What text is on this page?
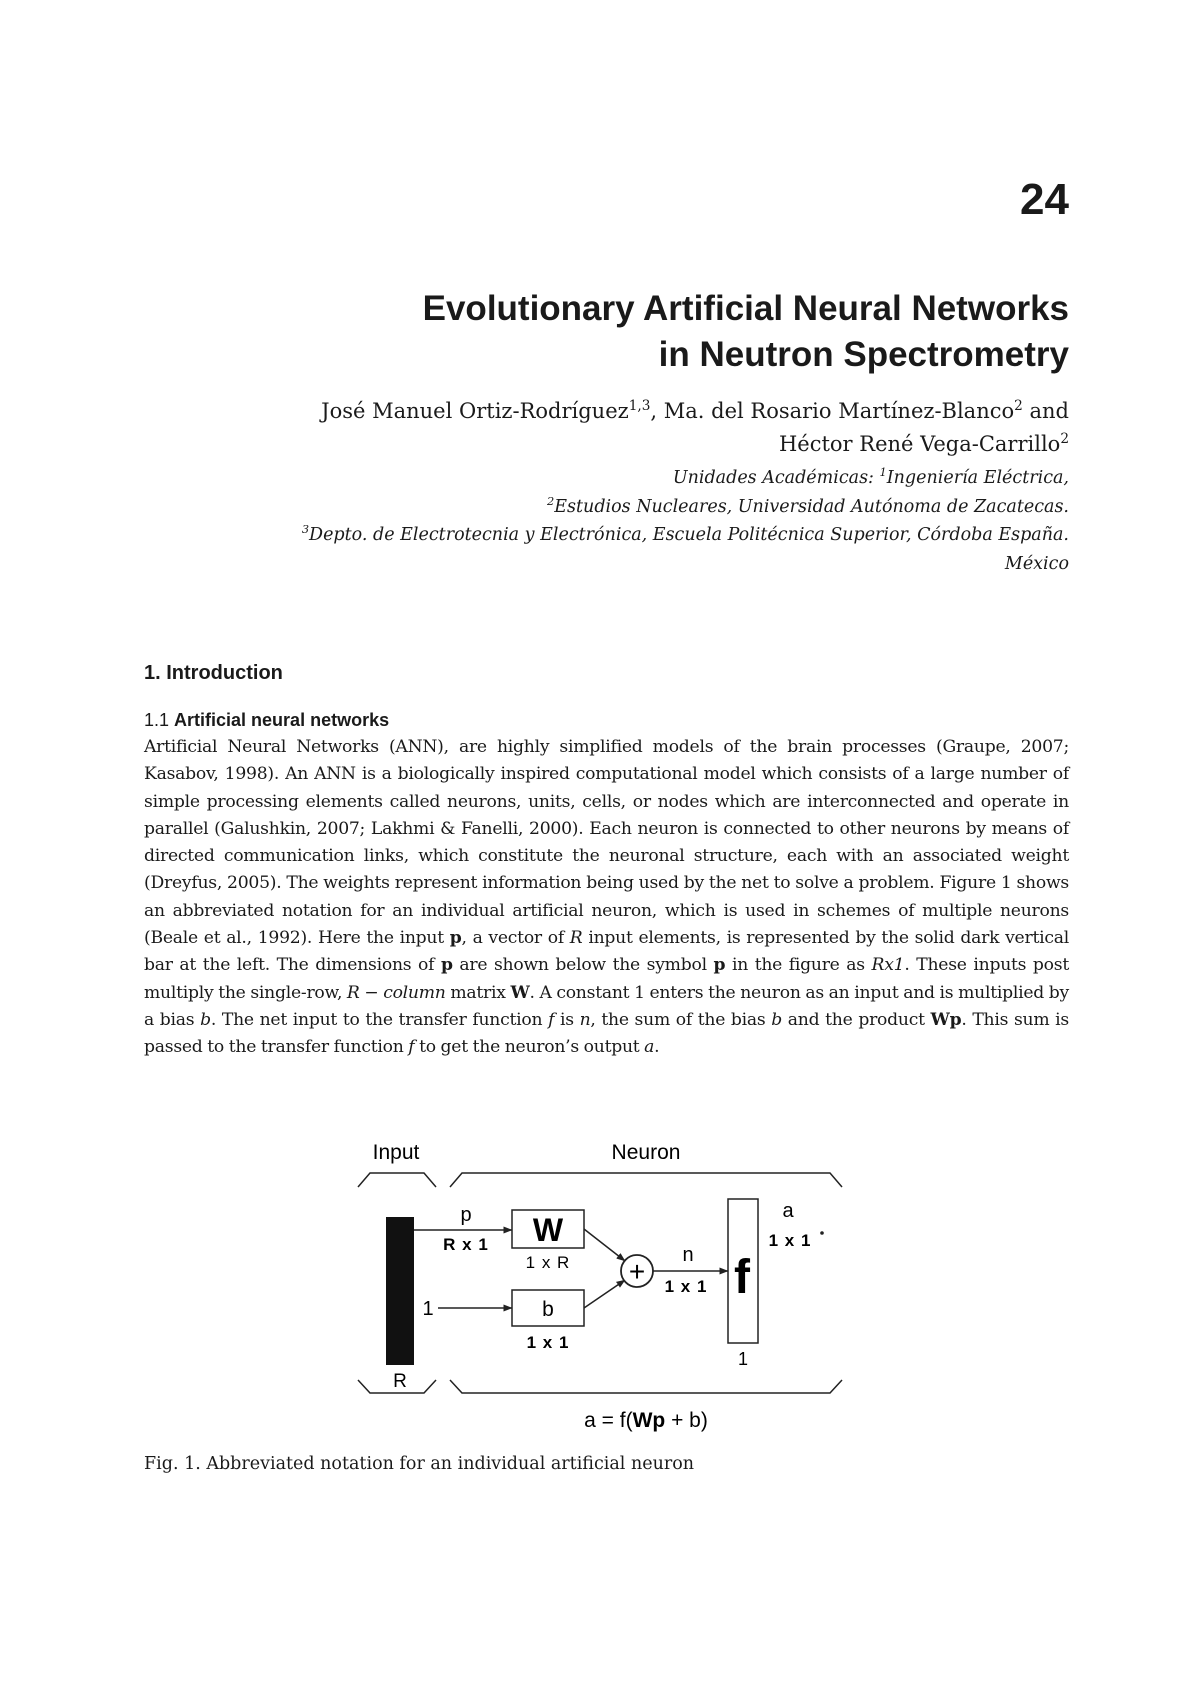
24
Evolutionary Artificial Neural Networks
in Neutron Spectrometry
José Manuel Ortiz-Rodríguez$^{1,3}$, Ma. del Rosario Martínez-Blanco$^2$ and
Héctor René Vega-Carrillo$^2$
Unidades Académicas: $^1$Ingeniería Eléctrica,
$^2$Estudios Nucleares, Universidad Autónoma de Zacatecas.
$^3$Depto. de Electrotecnia y Electrónica, Escuela Politécnica Superior, Córdoba España.
México
1. Introduction
1.1 Artificial neural networks
Artificial Neural Networks (ANN), are highly simplified models of the brain processes (Graupe, 2007; Kasabov, 1998). An ANN is a biologically inspired computational model which consists of a large number of simple processing elements called neurons, units, cells, or nodes which are interconnected and operate in parallel (Galushkin, 2007; Lakhmi & Fanelli, 2000). Each neuron is connected to other neurons by means of directed communication links, which constitute the neuronal structure, each with an associated weight (Dreyfus, 2005). The weights represent information being used by the net to solve a problem. Figure 1 shows an abbreviated notation for an individual artificial neuron, which is used in schemes of multiple neurons (Beale et al., 1992). Here the input p, a vector of R input elements, is represented by the solid dark vertical bar at the left. The dimensions of p are shown below the symbol p in the figure as Rx1. These inputs post multiply the single-row, R − column matrix W. A constant 1 enters the neuron as an input and is multiplied by a bias b. The net input to the transfer function f is n, the sum of the bias b and the product Wp. This sum is passed to the transfer function f to get the neuron’s output a.
Input	Neuron
R
p
R x 1 W
1 x R
1	b
1 x 1
+
n
1 x 1 f
1
a
1 x 1
a = f(Wp + b)
Fig. 1. Abbreviated notation for an individual artificial neuron
